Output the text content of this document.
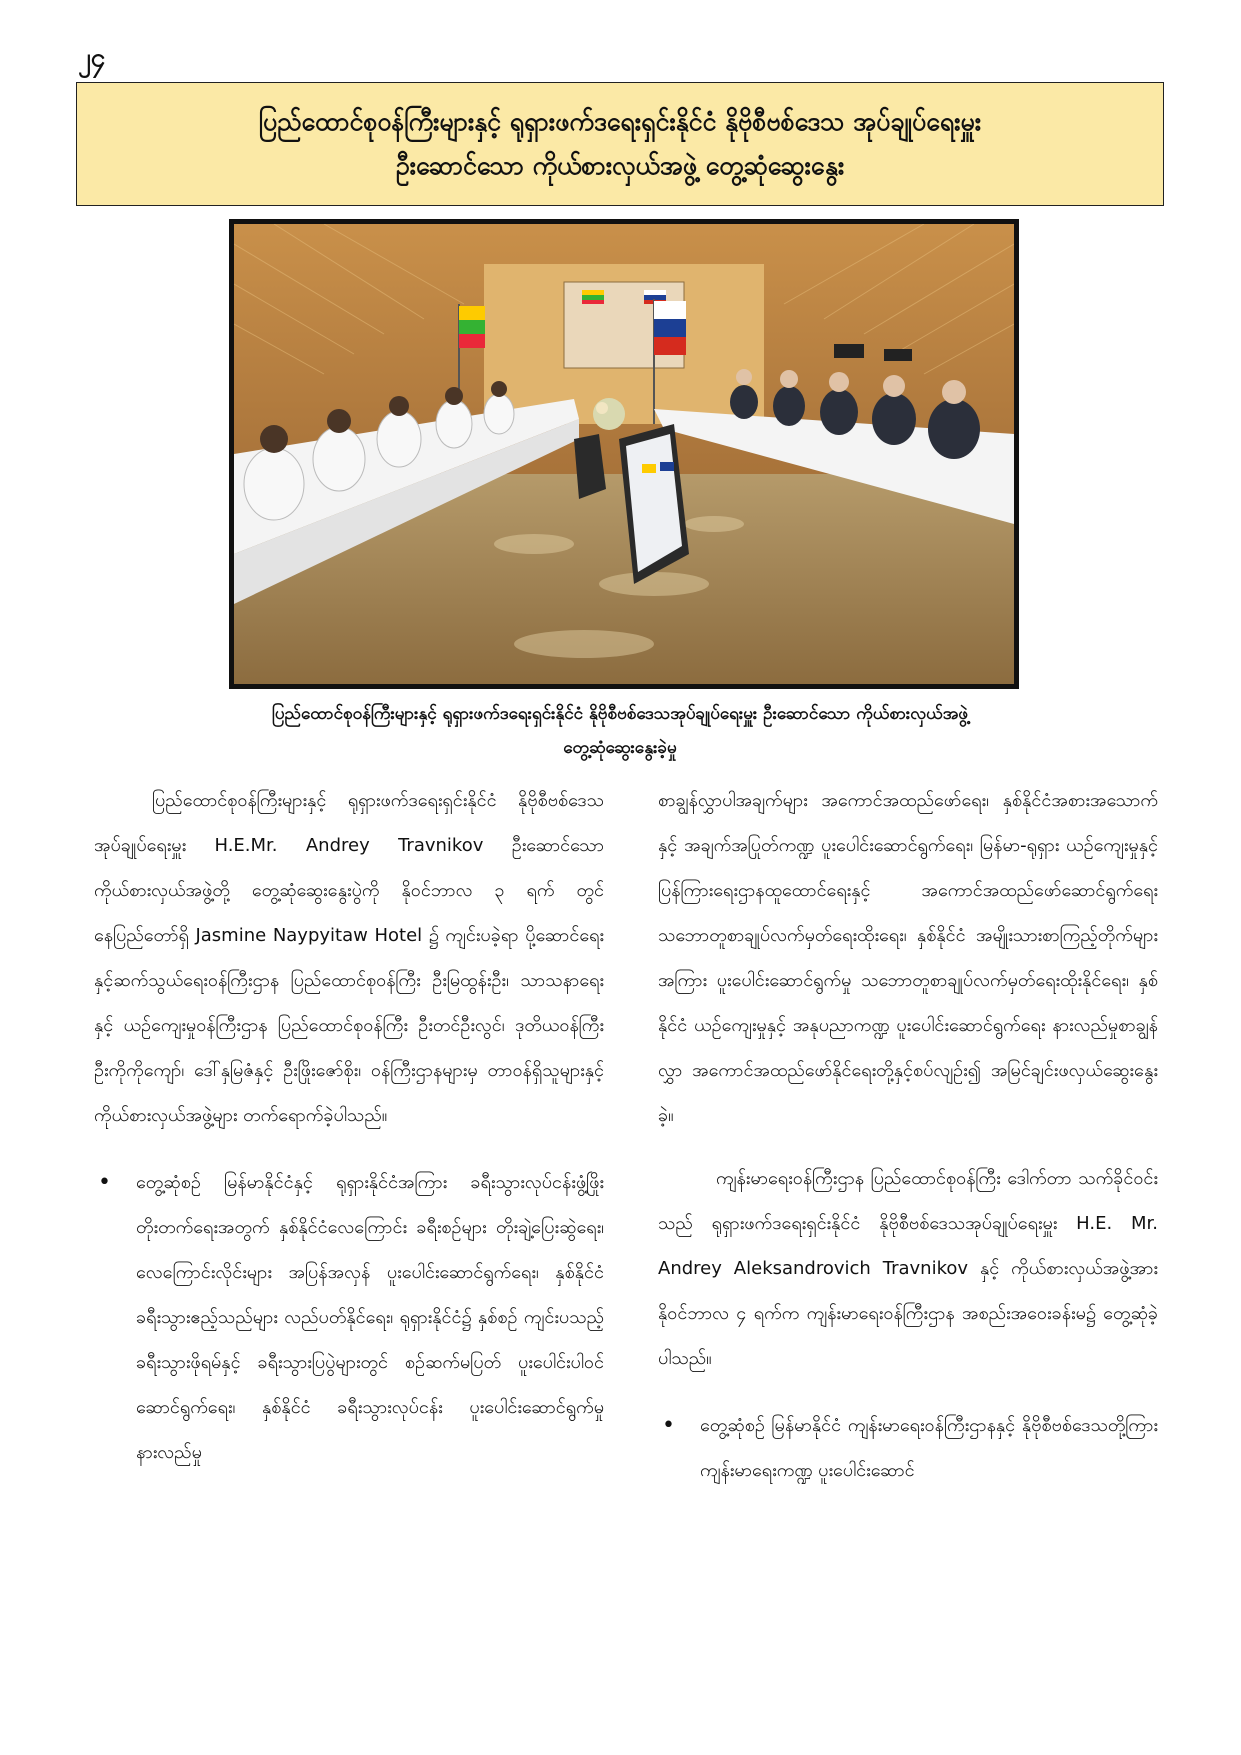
၂၄
ပြည်ထောင်စုဝန်ကြီးများနှင့် ရုရှားဖက်ဒရေးရှင်းနိုင်ငံ နိုဗိုစီဗစ်ဒေသ အုပ်ချုပ်ရေးမှူး
ဦးဆောင်သော ကိုယ်စားလှယ်အဖွဲ့ တွေ့ဆုံဆွေးနွေး
ပြည်ထောင်စုဝန်ကြီးများနှင့် ရုရှားဖက်ဒရေးရှင်းနိုင်ငံ နိုဗိုစီဗစ်ဒေသအုပ်ချုပ်ရေးမှူး ဦးဆောင်သော ကိုယ်စားလှယ်အဖွဲ့
တွေ့ဆုံဆွေးနွေးခဲ့မှု

ပြည်ထောင်စုဝန်ကြီးများနှင့် ရုရှားဖက်ဒရေးရှင်းနိုင်ငံ နိုဗိုစီဗစ်ဒေသအုပ်ချုပ်ရေးမှူး H.E.Mr. Andrey Travnikov ဦးဆောင်သော ကိုယ်စားလှယ်အဖွဲ့တို့ တွေ့ဆုံဆွေးနွေးပွဲကို နိုဝင်ဘာလ ၃ ရက် တွင် နေပြည်တော်ရှိ Jasmine Naypyitaw Hotel ၌ ကျင်းပခဲ့ရာ ပို့ဆောင်ရေးနှင့်ဆက်သွယ်ရေးဝန်ကြီးဌာန ပြည်ထောင်စုဝန်ကြီး ဦးမြထွန်းဦး၊ သာသနာရေးနှင့် ယဉ်ကျေးမှုဝန်ကြီးဌာန ပြည်ထောင်စုဝန်ကြီး ဦးတင်ဦးလွင်၊ ဒုတိယဝန်ကြီး ဦးကိုကိုကျော်၊ ဒေါ်နှမြဇံနှင့် ဦးဖြိုးဇော်စိုး၊ ဝန်ကြီးဌာနများမှ တာဝန်ရှိသူများနှင့် ကိုယ်စားလှယ်အဖွဲ့များ တက်ရောက်ခဲ့ပါသည်။

• တွေ့ဆုံစဉ် မြန်မာနိုင်ငံနှင့် ရုရှားနိုင်ငံအကြား ခရီးသွားလုပ်ငန်းဖွံ့ဖြိုးတိုးတက်ရေးအတွက် နှစ်နိုင်ငံလေကြောင်း ခရီးစဉ်များ တိုးချဲ့ပြေးဆွဲရေး၊ လေကြောင်းလိုင်းများ အပြန်အလှန် ပူးပေါင်းဆောင်ရွက်ရေး၊ နှစ်နိုင်ငံခရီးသွားဧည့်သည်များ လည်ပတ်နိုင်ရေး၊ ရုရှားနိုင်ငံ၌ နှစ်စဉ် ကျင်းပသည့် ခရီးသွားဖိုရမ်နှင့် ခရီးသွားပြပွဲများတွင် စဉ်ဆက်မပြတ် ပူးပေါင်းပါဝင်ဆောင်ရွက်ရေး၊ နှစ်နိုင်ငံ ခရီးသွားလုပ်ငန်း ပူးပေါင်းဆောင်ရွက်မှု နားလည်မှု

စာချွန်လွှာပါအချက်များ အကောင်အထည်ဖော်ရေး၊ နှစ်နိုင်ငံအစားအသောက်နှင့် အချက်အပြုတ်ကဏ္ဍ ပူးပေါင်းဆောင်ရွက်ရေး၊ မြန်မာ-ရုရှား ယဉ်ကျေးမှုနှင့် ပြန်ကြားရေးဌာနထူထောင်ရေးနှင့် အကောင်အထည်ဖော်ဆောင်ရွက်ရေး သဘောတူစာချုပ်လက်မှတ်ရေးထိုးရေး၊ နှစ်နိုင်ငံ အမျိုးသားစာကြည့်တိုက်များအကြား ပူးပေါင်းဆောင်ရွက်မှု သဘောတူစာချုပ်လက်မှတ်ရေးထိုးနိုင်ရေး၊ နှစ်နိုင်ငံ ယဉ်ကျေးမှုနှင့် အနုပညာကဏ္ဍ ပူးပေါင်းဆောင်ရွက်ရေး နားလည်မှုစာချွန်လွှာ အကောင်အထည်ဖော်နိုင်ရေးတို့နှင့်စပ်လျဉ်း၍ အမြင်ချင်းဖလှယ်ဆွေးနွေးခဲ့။

ကျန်းမာရေးဝန်ကြီးဌာန ပြည်ထောင်စုဝန်ကြီး ဒေါက်တာ သက်ခိုင်ဝင်းသည် ရုရှားဖက်ဒရေးရှင်းနိုင်ငံ နိုဗိုစီဗစ်ဒေသအုပ်ချုပ်ရေးမှူး H.E. Mr. Andrey Aleksandrovich Travnikov နှင့် ကိုယ်စားလှယ်အဖွဲ့အား နိုဝင်ဘာလ ၄ ရက်က ကျန်းမာရေးဝန်ကြီးဌာန အစည်းအဝေးခန်းမ၌ တွေ့ဆုံခဲ့ပါသည်။

• တွေ့ဆုံစဉ် မြန်မာနိုင်ငံ ကျန်းမာရေးဝန်ကြီးဌာနနှင့် နိုဗိုစီဗစ်ဒေသတို့ကြား ကျန်းမာရေးကဏ္ဍ ပူးပေါင်းဆောင်
